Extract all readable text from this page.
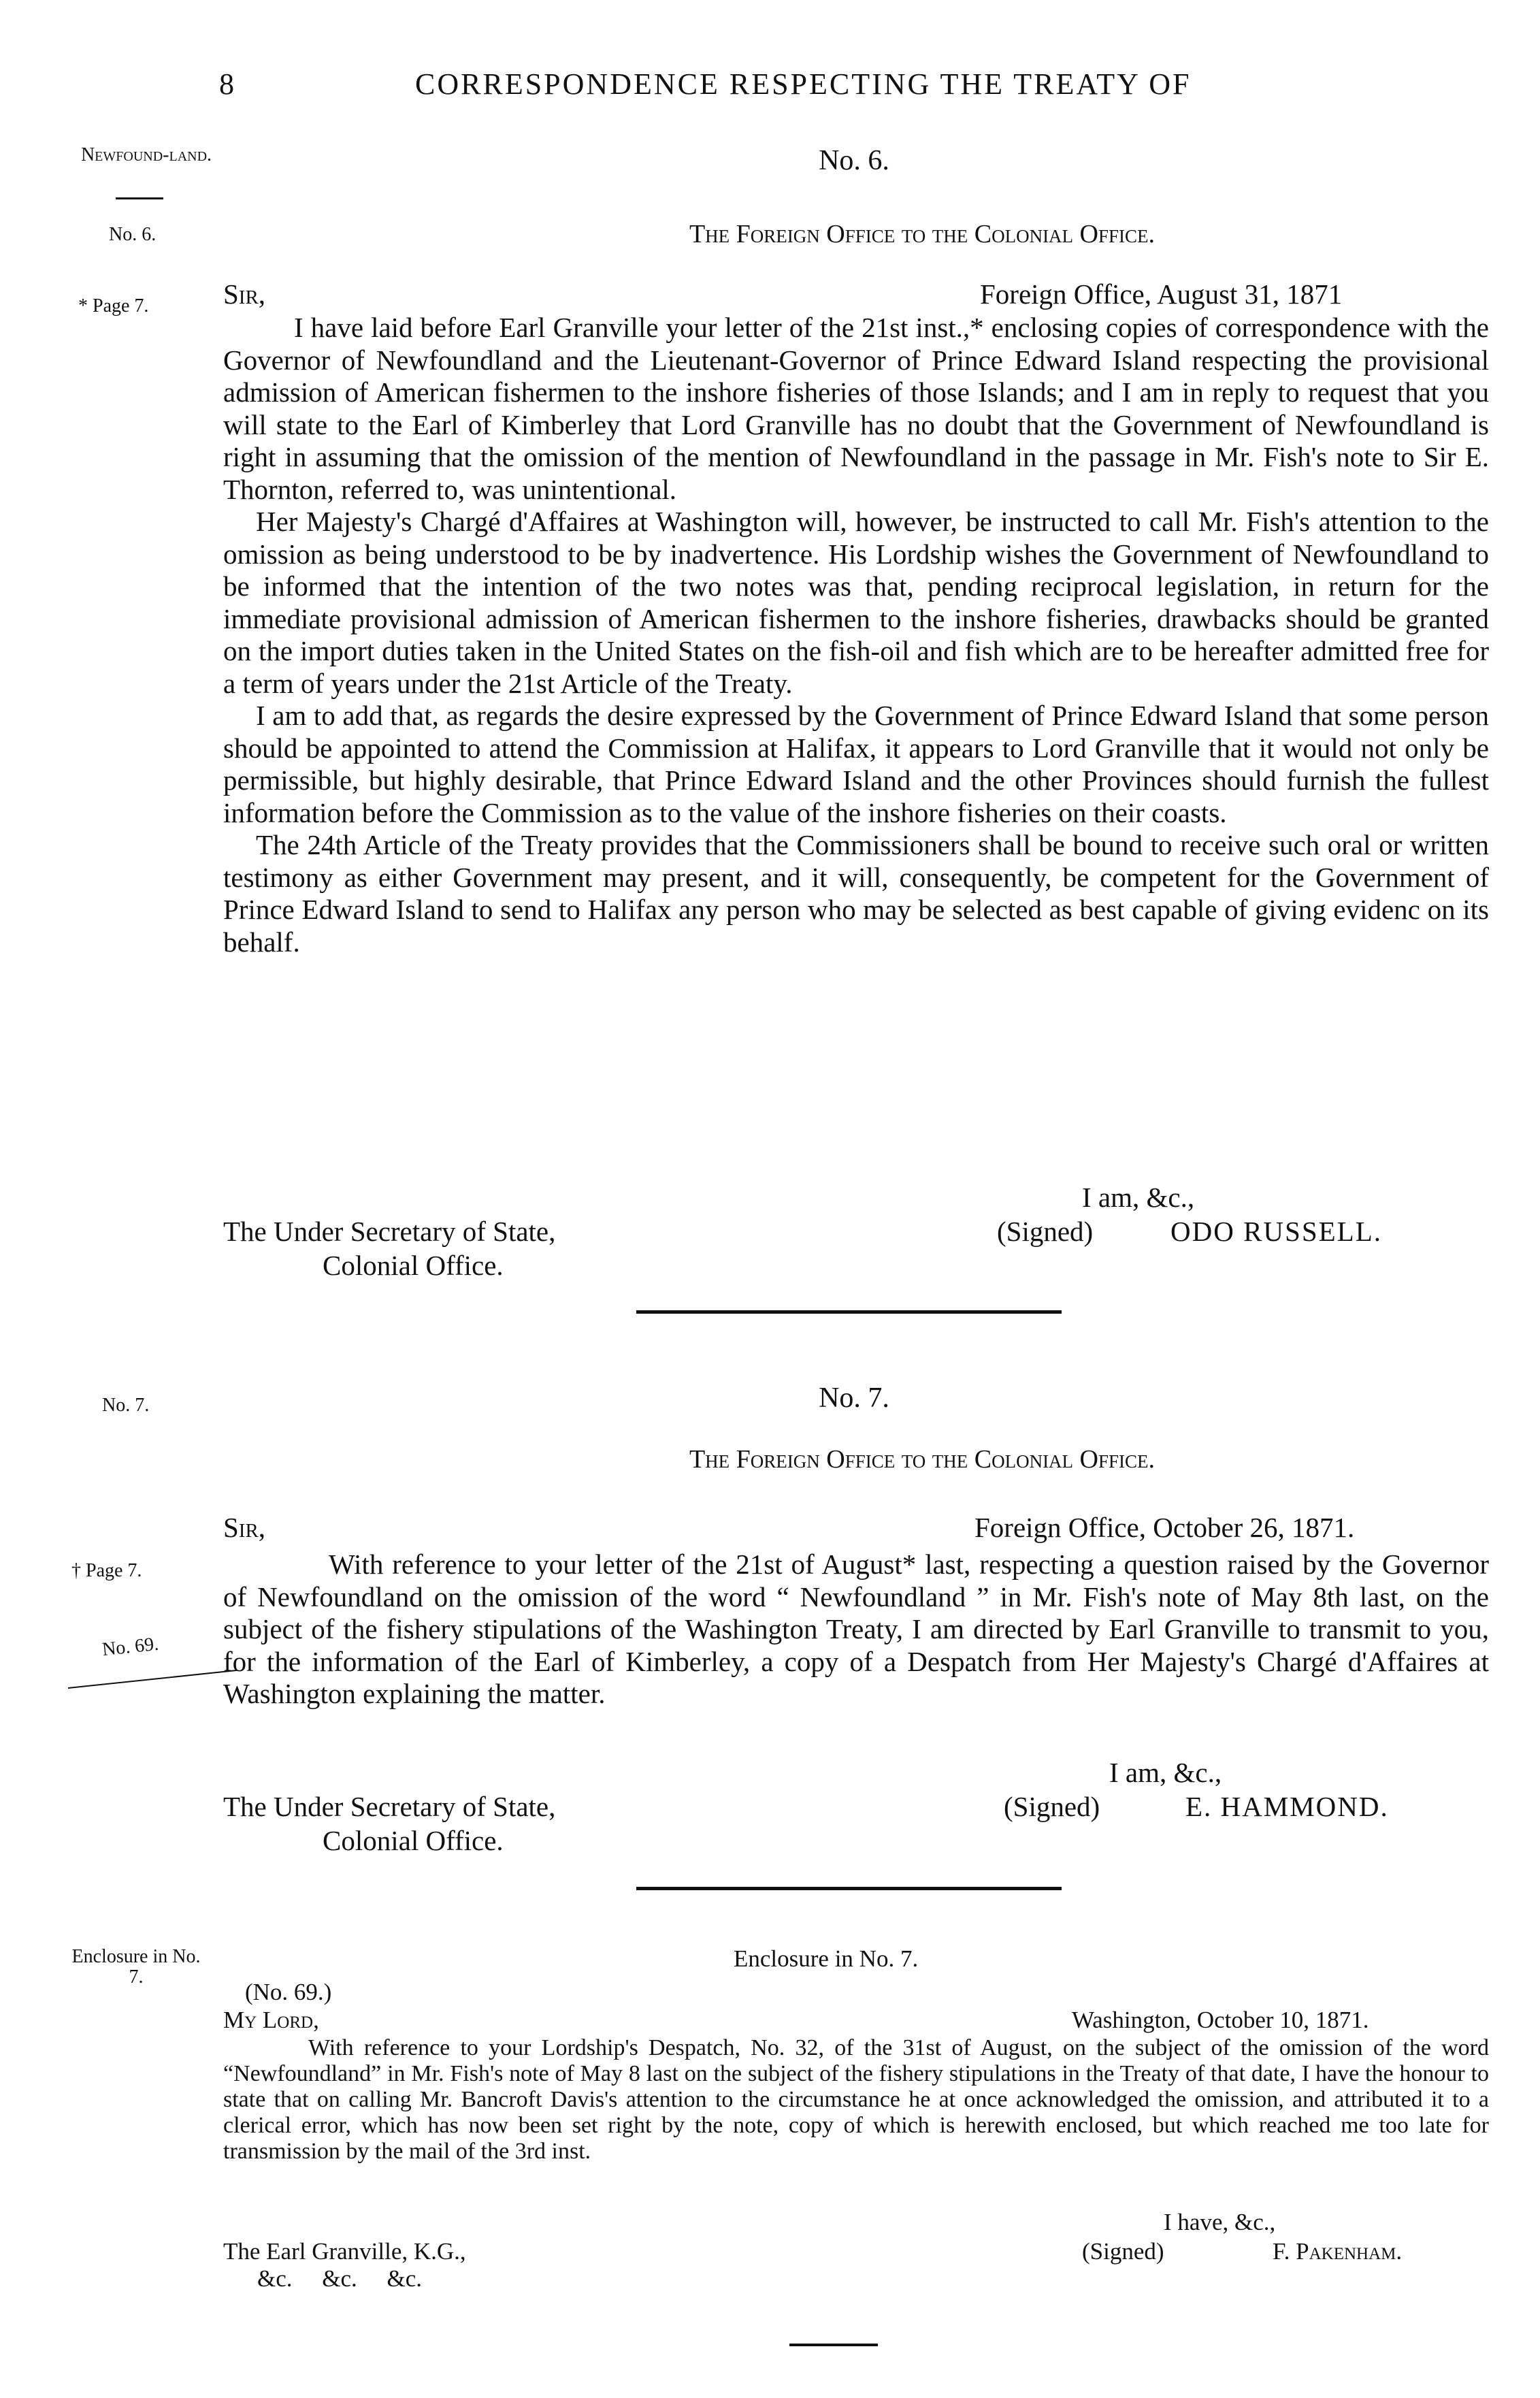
8	CORRESPONDENCE RESPECTING THE TREATY OF
Newfound-land.
No. 6.
* Page 7.
No. 7.
† Page 7.
No. 69.
Enclosure in No. 7.
No. 6.
The Foreign Office to the Colonial Office.
Sir,	Foreign Office, August 31, 1871

I have laid before Earl Granville your letter of the 21st inst.,* enclosing copies of correspondence with the Governor of Newfoundland and the Lieutenant-Governor of Prince Edward Island respecting the provisional admission of American fishermen to the inshore fisheries of those Islands; and I am in reply to request that you will state to the Earl of Kimberley that Lord Granville has no doubt that the Government of Newfoundland is right in assuming that the omission of the mention of Newfoundland in the passage in Mr. Fish's note to Sir E. Thornton, referred to, was unintentional.

Her Majesty's Chargé d'Affaires at Washington will, however, be instructed to call Mr. Fish's attention to the omission as being understood to be by inadvertence. His Lordship wishes the Government of Newfoundland to be informed that the intention of the two notes was that, pending reciprocal legislation, in return for the immediate provisional admission of American fishermen to the inshore fisheries, drawbacks should be granted on the import duties taken in the United States on the fish-oil and fish which are to be hereafter admitted free for a term of years under the 21st Article of the Treaty.

I am to add that, as regards the desire expressed by the Government of Prince Edward Island that some person should be appointed to attend the Commission at Halifax, it appears to Lord Granville that it would not only be permissible, but highly desirable, that Prince Edward Island and the other Provinces should furnish the fullest information before the Commission as to the value of the inshore fisheries on their coasts.

The 24th Article of the Treaty provides that the Commissioners shall be bound to receive such oral or written testimony as either Government may present, and it will, consequently, be competent for the Government of Prince Edward Island to send to Halifax any person who may be selected as best capable of giving evidenc on its behalf.

I am, &c.,
The Under Secretary of State,	(Signed)	ODO RUSSELL.
Colonial Office.
No. 7.
The Foreign Office to the Colonial Office.
Sir,	Foreign Office, October 26, 1871.

With reference to your letter of the 21st of August* last, respecting a question raised by the Governor of Newfoundland on the omission of the word “ Newfoundland ” in Mr. Fish's note of May 8th last, on the subject of the fishery stipulations of the Washington Treaty, I am directed by Earl Granville to transmit to you, for the information of the Earl of Kimberley, a copy of a Despatch from Her Majesty's Chargé d'Affaires at Washington explaining the matter.

I am, &c.,
The Under Secretary of State,	(Signed)	E. HAMMOND.
Colonial Office.
Enclosure in No. 7.
(No. 69.)
My Lord,	Washington, October 10, 1871.

With reference to your Lordship's Despatch, No. 32, of the 31st of August, on the subject of the omission of the word “Newfoundland” in Mr. Fish's note of May 8 last on the subject of the fishery stipulations in the Treaty of that date, I have the honour to state that on calling Mr. Bancroft Davis's attention to the circumstance he at once acknowledged the omission, and attributed it to a clerical error, which has now been set right by the note, copy of which is herewith enclosed, but which reached me too late for transmission by the mail of the 3rd inst.

I have, &c.,
The Earl Granville, K.G.,	(Signed)	F. Pakenham.
&c.     &c.     &c.
